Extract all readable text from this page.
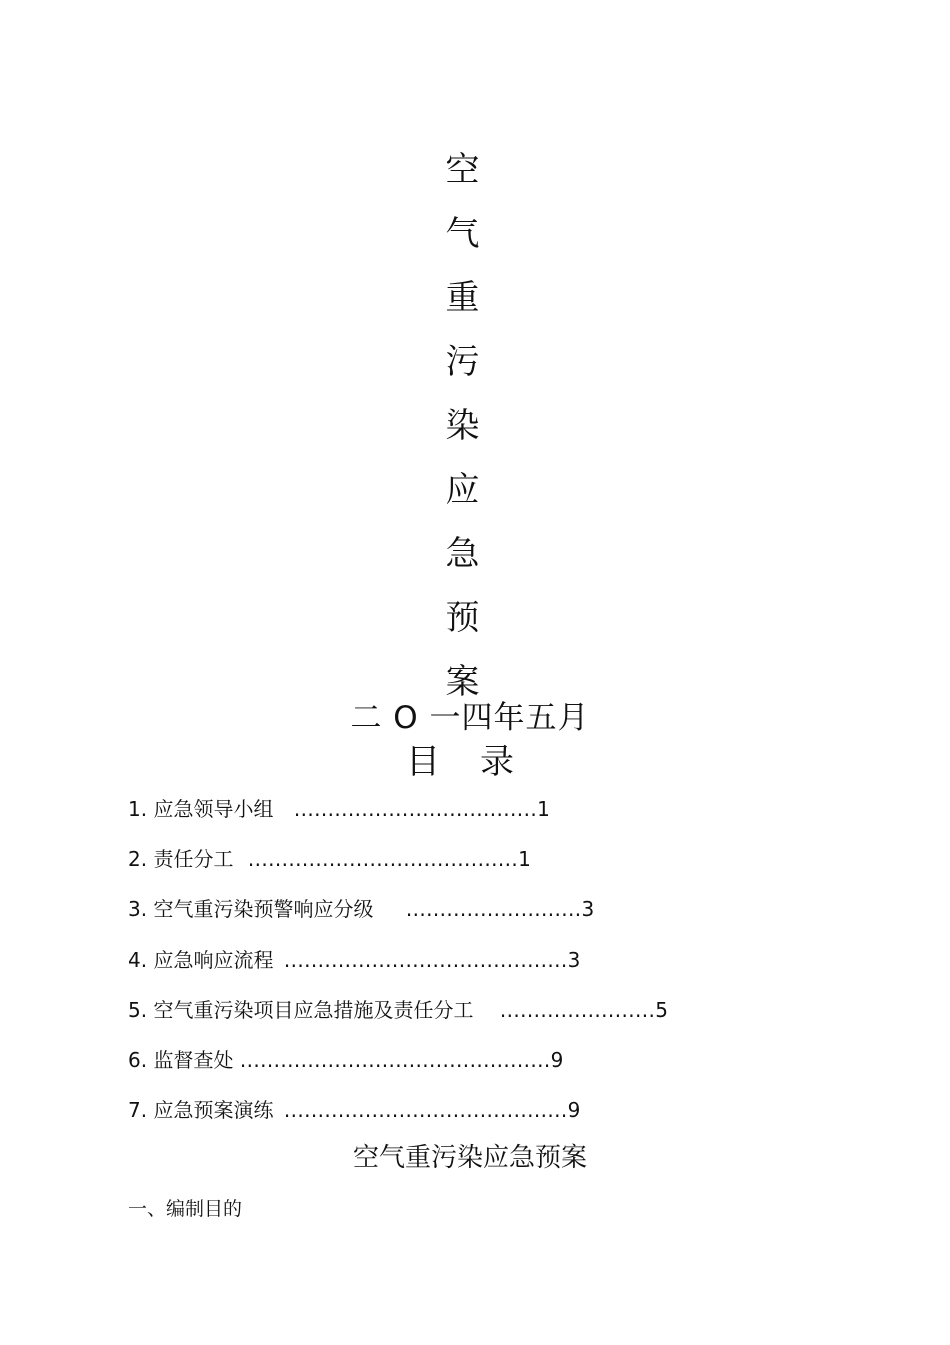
空
气
重
污
染
应
急
预
案
二 O 一四年五月
目录
1. 应急领导小组 ....................................1
2. 责任分工 ........................................1
3. 空气重污染预警响应分级 ..........................3
4. 应急响应流程 ..........................................3
5. 空气重污染项目应急措施及责任分工 .......................5
6. 监督查处 ..............................................9
7. 应急预案演练 ..........................................9
空气重污染应急预案
一、编制目的
